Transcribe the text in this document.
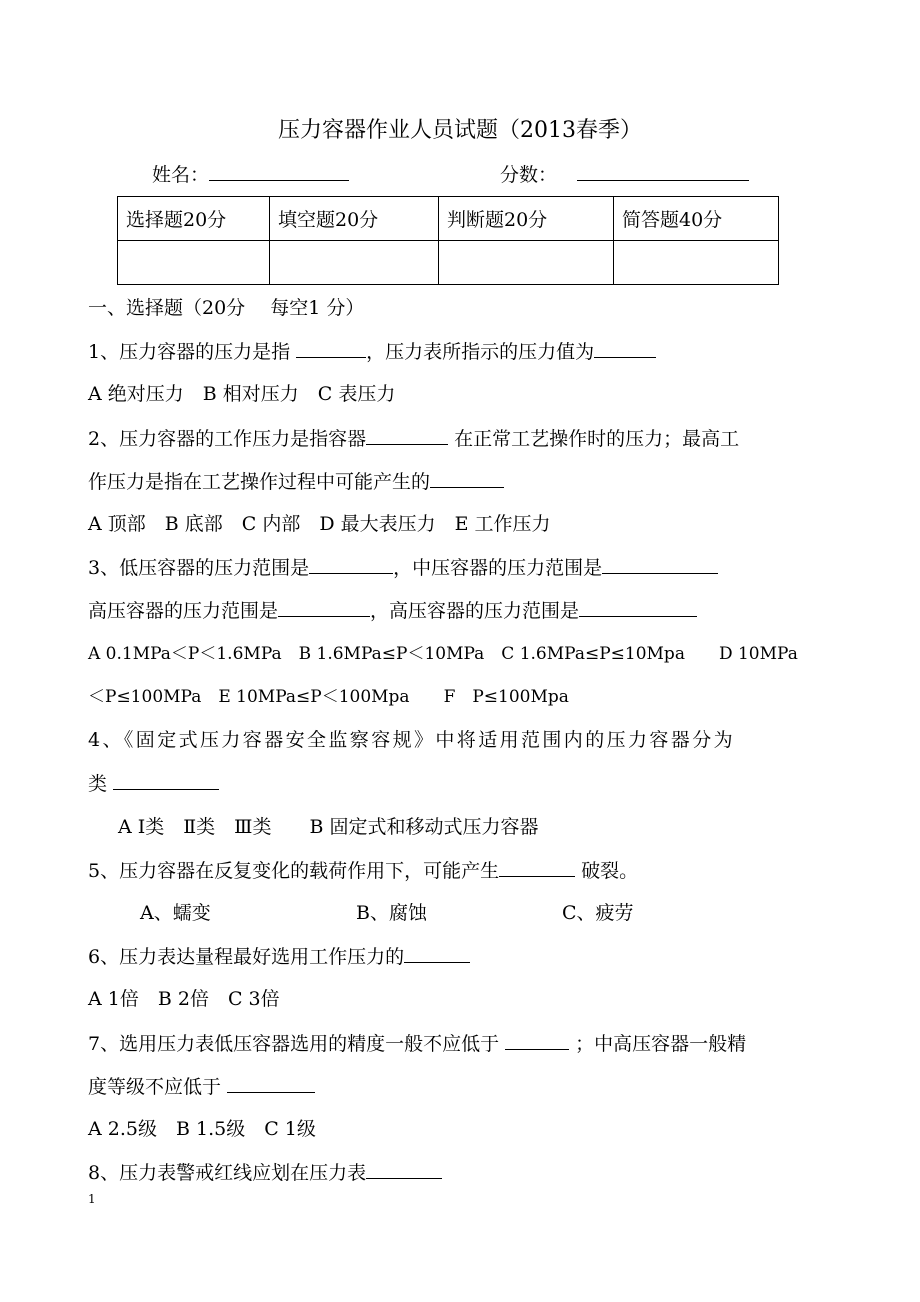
压力容器作业人员试题（2013春季）
姓名：	分数：
选择题20分	填空题20分	判断题20分	简答题40分

一、选择题（20分　 每空1 分）
1、压力容器的压力是指	，压力表所指示的压力值为
A 绝对压力　B 相对压力　C 表压力
2、压力容器的工作压力是指容器	在正常工艺操作时的压力；最高工
作压力是指在工艺操作过程中可能产生的
A 顶部　B 底部　C 内部　D 最大表压力　E 工作压力
3、低压容器的压力范围是	，中压容器的压力范围是
高压容器的压力范围是	，高压容器的压力范围是
A 0.1MPa＜P＜1.6MPa　B 1.6MPa≤P＜10MPa　C 1.6MPa≤P≤10Mpa　　D 10MPa
＜P≤100MPa　E 10MPa≤P＜100Mpa　　F　P≤100Mpa
4、《固定式压力容器安全监察容规》中将适用范围内的压力容器分为
类
A Ⅰ类　Ⅱ类　Ⅲ类　　B 固定式和移动式压力容器
5、压力容器在反复变化的载荷作用下，可能产生	破裂。
A、蠕变	B、腐蚀	C、疲劳
6、压力表达量程最好选用工作压力的
A 1倍　B 2倍　C 3倍
7、选用压力表低压容器选用的精度一般不应低于	；中高压容器一般精
度等级不应低于
A 2.5级　B 1.5级　C 1级
8、压力表警戒红线应划在压力表
1
